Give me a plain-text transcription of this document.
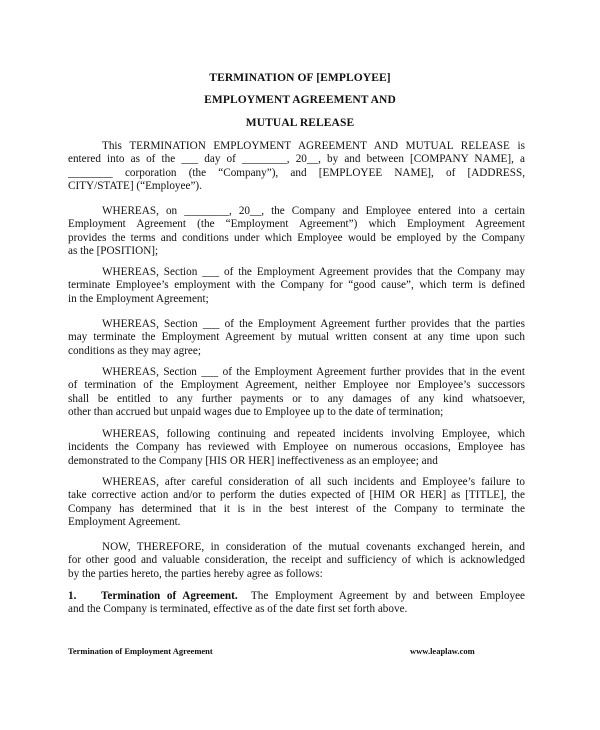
TERMINATION OF [EMPLOYEE]
EMPLOYMENT AGREEMENT AND
MUTUAL RELEASE
This TERMINATION EMPLOYMENT AGREEMENT AND MUTUAL RELEASE is
entered into as of the ___ day of ________, 20__, by and between [COMPANY NAME], a
________ corporation (the “Company”), and [EMPLOYEE NAME], of [ADDRESS,
CITY/STATE] (“Employee”).
WHEREAS, on ________, 20__, the Company and Employee entered into a certain
Employment Agreement (the “Employment Agreement”) which Employment Agreement
provides the terms and conditions under which Employee would be employed by the Company
as the [POSITION];
WHEREAS, Section ___ of the Employment Agreement provides that the Company may
terminate Employee’s employment with the Company for “good cause”, which term is defined
in the Employment Agreement;
WHEREAS, Section ___ of the Employment Agreement further provides that the parties
may terminate the Employment Agreement by mutual written consent at any time upon such
conditions as they may agree;
WHEREAS, Section ___ of the Employment Agreement further provides that in the event
of termination of the Employment Agreement, neither Employee nor Employee’s successors
shall be entitled to any further payments or to any damages of any kind whatsoever,
other than accrued but unpaid wages due to Employee up to the date of termination;
WHEREAS, following continuing and repeated incidents involving Employee, which
incidents the Company has reviewed with Employee on numerous occasions, Employee has
demonstrated to the Company [HIS OR HER] ineffectiveness as an employee; and
WHEREAS, after careful consideration of all such incidents and Employee’s failure to
take corrective action and/or to perform the duties expected of [HIM OR HER] as [TITLE], the
Company has determined that it is in the best interest of the Company to terminate the
Employment Agreement.
NOW, THEREFORE, in consideration of the mutual covenants exchanged herein, and
for other good and valuable consideration, the receipt and sufficiency of which is acknowledged
by the parties hereto, the parties hereby agree as follows:
1. Termination of Agreement. The Employment Agreement by and between Employee
and the Company is terminated, effective as of the date first set forth above.
Termination of Employment Agreement	www.leaplaw.com
